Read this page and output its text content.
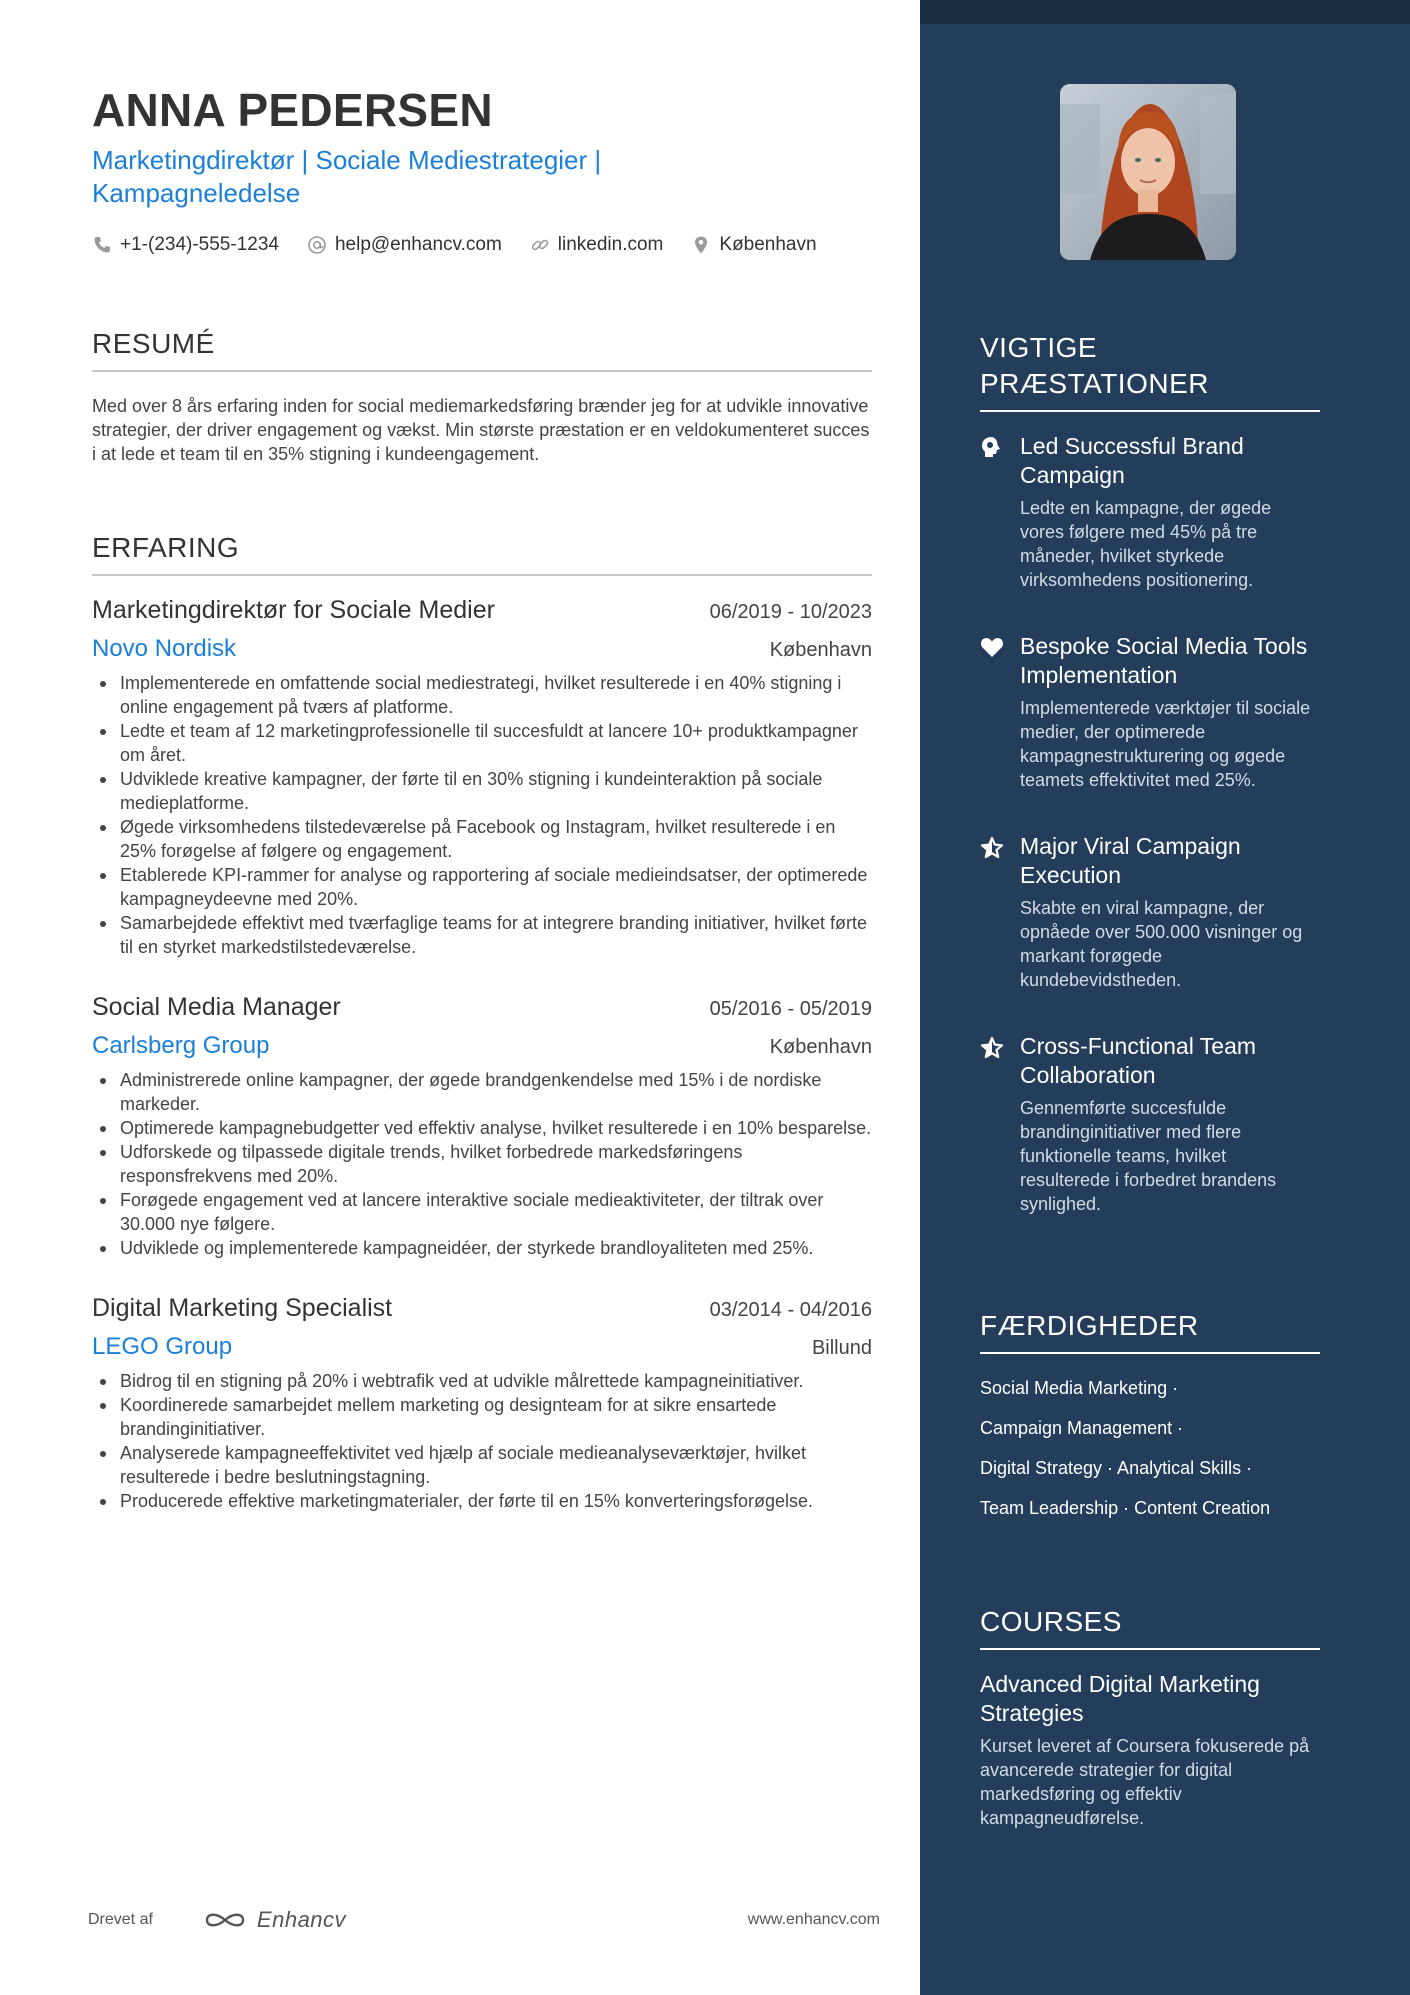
ANNA PEDERSEN
Marketingdirektør | Sociale Mediestrategier | Kampagneledelse
+1-(234)-555-1234	help@enhancv.com	linkedin.com	København
RESUMÉ
Med over 8 års erfaring inden for social mediemarkedsføring brænder jeg for at udvikle innovative strategier, der driver engagement og vækst. Min største præstation er en veldokumenteret succes i at lede et team til en 35% stigning i kundeengagement.
ERFARING
Marketingdirektør for Sociale Medier	06/2019 - 10/2023
Novo Nordisk	København
Implementerede en omfattende social mediestrategi, hvilket resulterede i en 40% stigning i online engagement på tværs af platforme.
Ledte et team af 12 marketingprofessionelle til succesfuldt at lancere 10+ produktkampagner om året.
Udviklede kreative kampagner, der førte til en 30% stigning i kundeinteraktion på sociale medieplatforme.
Øgede virksomhedens tilstedeværelse på Facebook og Instagram, hvilket resulterede i en 25% forøgelse af følgere og engagement.
Etablerede KPI-rammer for analyse og rapportering af sociale medieindsatser, der optimerede kampagneydeevne med 20%.
Samarbejdede effektivt med tværfaglige teams for at integrere branding initiativer, hvilket førte til en styrket markedstilstedeværelse.
Social Media Manager	05/2016 - 05/2019
Carlsberg Group	København
Administrerede online kampagner, der øgede brandgenkendelse med 15% i de nordiske markeder.
Optimerede kampagnebudgetter ved effektiv analyse, hvilket resulterede i en 10% besparelse.
Udforskede og tilpassede digitale trends, hvilket forbedrede markedsføringens responsfrekvens med 20%.
Forøgede engagement ved at lancere interaktive sociale medieaktiviteter, der tiltrak over 30.000 nye følgere.
Udviklede og implementerede kampagneidéer, der styrkede brandloyaliteten med 25%.
Digital Marketing Specialist	03/2014 - 04/2016
LEGO Group	Billund
Bidrog til en stigning på 20% i webtrafik ved at udvikle målrettede kampagneinitiativer.
Koordinerede samarbejdet mellem marketing og designteam for at sikre ensartede brandinginitiativer.
Analyserede kampagneeffektivitet ved hjælp af sociale medieanalyseværktøjer, hvilket resulterede i bedre beslutningstagning.
Producerede effektive marketingmaterialer, der førte til en 15% konverteringsforøgelse.
Drevet af	Enhancv	www.enhancv.com
VIGTIGE PRÆSTATIONER
Led Successful Brand Campaign
Ledte en kampagne, der øgede vores følgere med 45% på tre måneder, hvilket styrkede virksomhedens positionering.
Bespoke Social Media Tools Implementation
Implementerede værktøjer til sociale medier, der optimerede kampagnestrukturering og øgede teamets effektivitet med 25%.
Major Viral Campaign Execution
Skabte en viral kampagne, der opnåede over 500.000 visninger og markant forøgede kundebevidstheden.
Cross-Functional Team Collaboration
Gennemførte succesfulde brandinginitiativer med flere funktionelle teams, hvilket resulterede i forbedret brandens synlighed.
FÆRDIGHEDER
Social Media Marketing ·
Campaign Management ·
Digital Strategy · Analytical Skills ·
Team Leadership · Content Creation
COURSES
Advanced Digital Marketing Strategies
Kurset leveret af Coursera fokuserede på avancerede strategier for digital markedsføring og effektiv kampagneudførelse.
